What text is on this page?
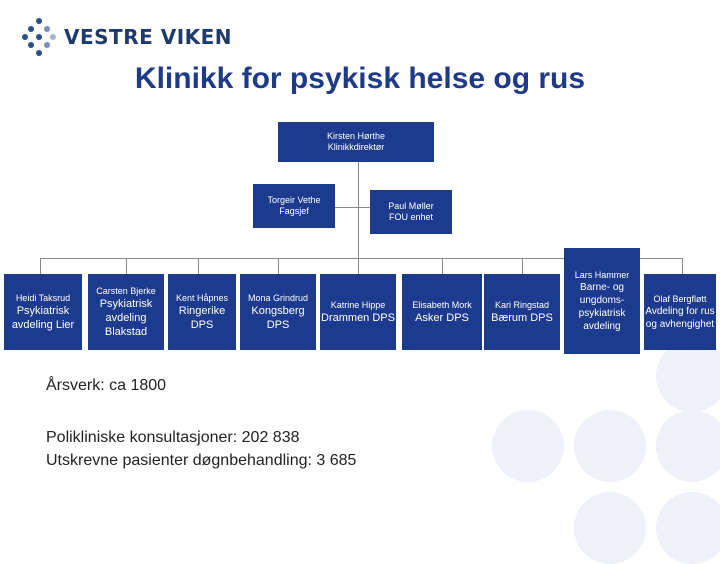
VESTRE VIKEN
Klinikk for psykisk helse og rus
Kirsten Hørthe
Klinikkdirektør
Torgeir Vethe
Fagsjef	Paul Møller
FOU enhet
Heidi Taksrud
Psykiatrisk avdeling Lier
Carsten Bjerke
Psykiatrisk avdeling Blakstad
Kent Håpnes
Ringerike DPS
Mona Grindrud
Kongsberg DPS
Katrine Hippe
Drammen DPS
Elisabeth Mork
Asker DPS
Kari Ringstad
Bærum DPS
Lars Hammer
Barne- og ungdoms-psykiatrisk avdeling
Olaf Bergfløtt
Avdeling for rus og avhengighet
Årsverk: ca 1800
Polikliniske konsultasjoner: 202 838
Utskrevne pasienter døgnbehandling: 3 685
